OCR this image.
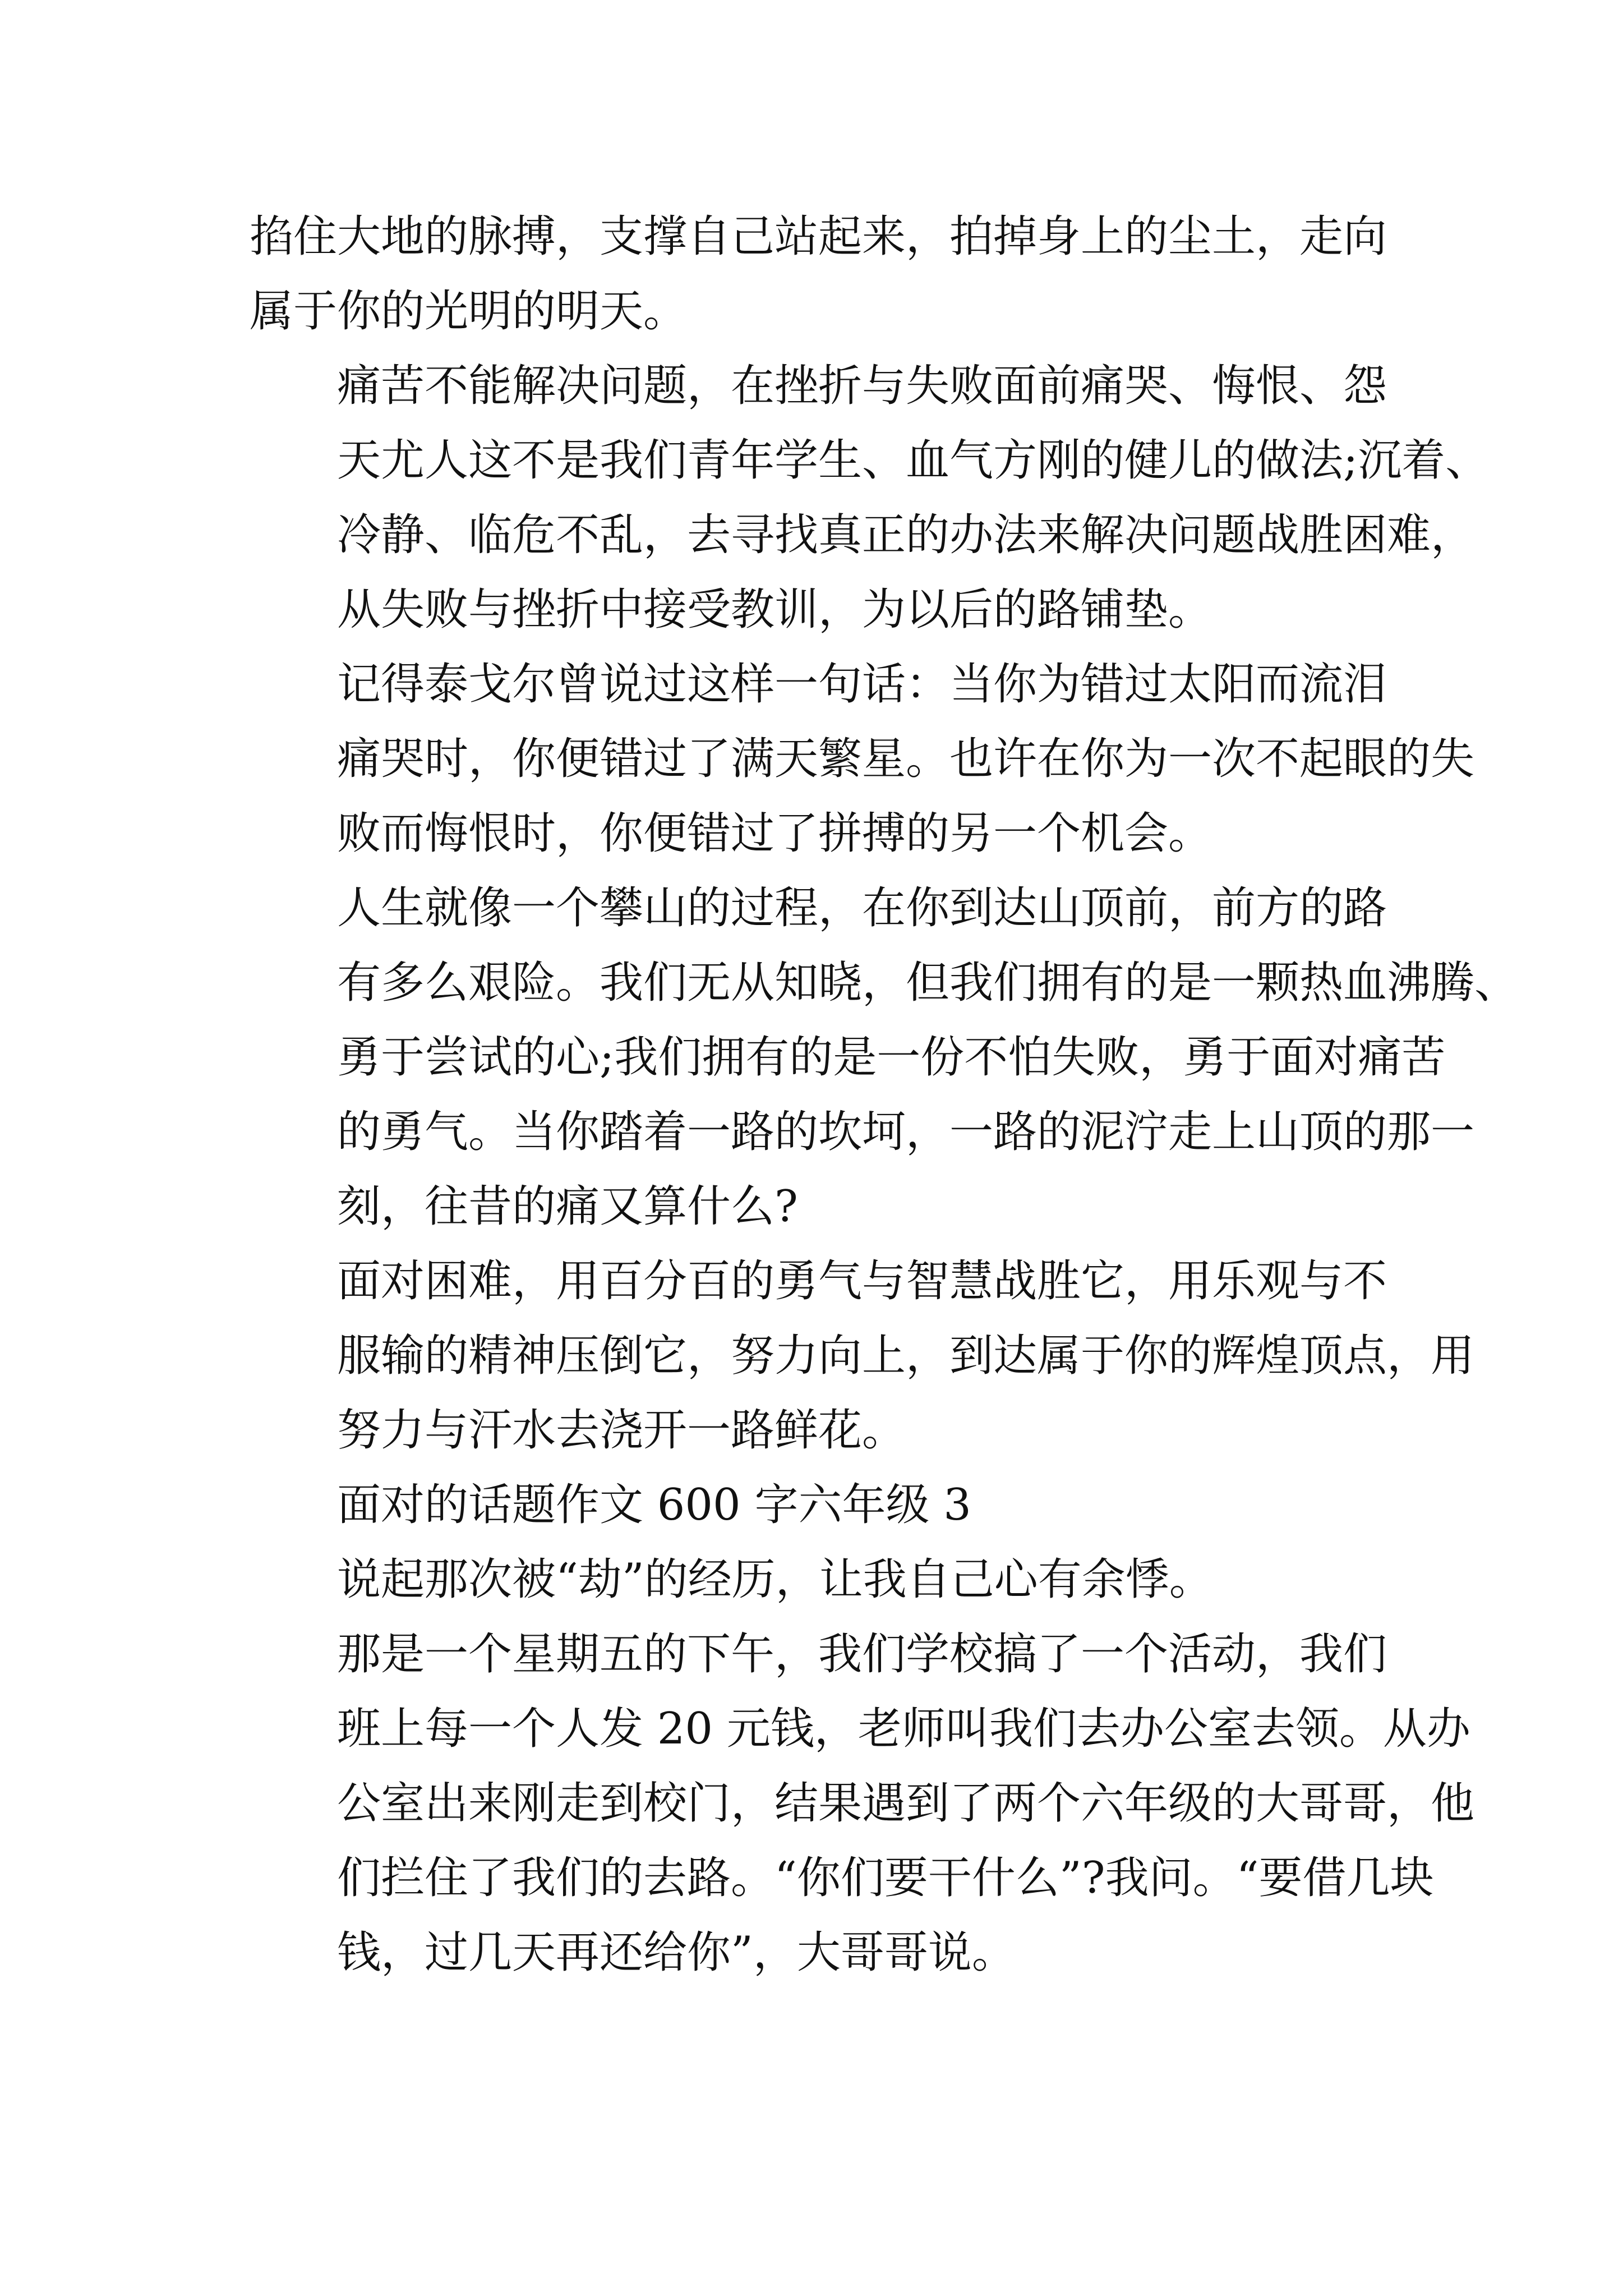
掐住大地的脉搏，支撑自己站起来，拍掉身上的尘土，走向
属于你的光明的明天。
痛苦不能解决问题，在挫折与失败面前痛哭、悔恨、怨
天尤人这不是我们青年学生、血气方刚的健儿的做法;沉着、
冷静、临危不乱，去寻找真正的办法来解决问题战胜困难，
从失败与挫折中接受教训，为以后的路铺垫。
记得泰戈尔曾说过这样一句话：当你为错过太阳而流泪
痛哭时，你便错过了满天繁星。也许在你为一次不起眼的失
败而悔恨时，你便错过了拼搏的另一个机会。
人生就像一个攀山的过程，在你到达山顶前，前方的路
有多么艰险。我们无从知晓，但我们拥有的是一颗热血沸腾、
勇于尝试的心;我们拥有的是一份不怕失败，勇于面对痛苦
的勇气。当你踏着一路的坎坷，一路的泥泞走上山顶的那一
刻，往昔的痛又算什么?
面对困难，用百分百的勇气与智慧战胜它，用乐观与不
服输的精神压倒它，努力向上，到达属于你的辉煌顶点，用
努力与汗水去浇开一路鲜花。
面对的话题作文 600 字六年级 3
说起那次被“劫”的经历，让我自己心有余悸。
那是一个星期五的下午，我们学校搞了一个活动，我们
班上每一个人发 20 元钱，老师叫我们去办公室去领。从办
公室出来刚走到校门，结果遇到了两个六年级的大哥哥，他
们拦住了我们的去路。“你们要干什么”?我问。“要借几块
钱，过几天再还给你”，大哥哥说。
